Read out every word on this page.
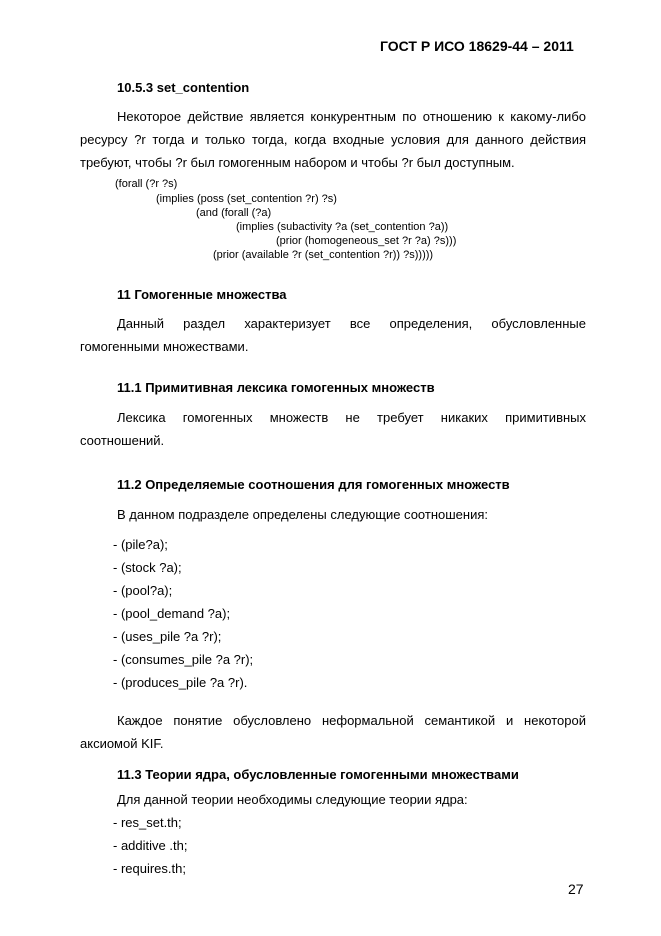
ГОСТ Р ИСО 18629-44 – 2011
10.5.3 set_contention
Некоторое действие является конкурентным по отношению к какому-либо
ресурсу ?r тогда и только тогда, когда входные условия для данного действия
требуют, чтобы ?r был гомогенным набором и чтобы ?r был доступным.
(forall (?r ?s)
(implies (poss (set_contention ?r) ?s)
(and (forall (?a)
(implies (subactivity ?a (set_contention ?a))
(prior (homogeneous_set ?r ?a) ?s)))
(prior (available ?r (set_contention ?r)) ?s)))))
11 Гомогенные множества
Данный раздел характеризует все определения, обусловленные
гомогенными множествами.
11.1 Примитивная лексика гомогенных множеств
Лексика гомогенных множеств не требует никаких примитивных
соотношений.
11.2 Определяемые соотношения для гомогенных множеств
В данном подразделе определены следующие соотношения:
- (pile?a);
- (stock ?a);
- (pool?a);
- (pool_demand ?a);
- (uses_pile ?a ?r);
- (consumes_pile ?a ?r);
- (produces_pile ?a ?r).
Каждое понятие обусловлено неформальной семантикой и некоторой
аксиомой KIF.
11.3 Теории ядра, обусловленные гомогенными множествами
Для данной теории необходимы следующие теории ядра:
- res_set.th;
- additive .th;
- requires.th;
27
